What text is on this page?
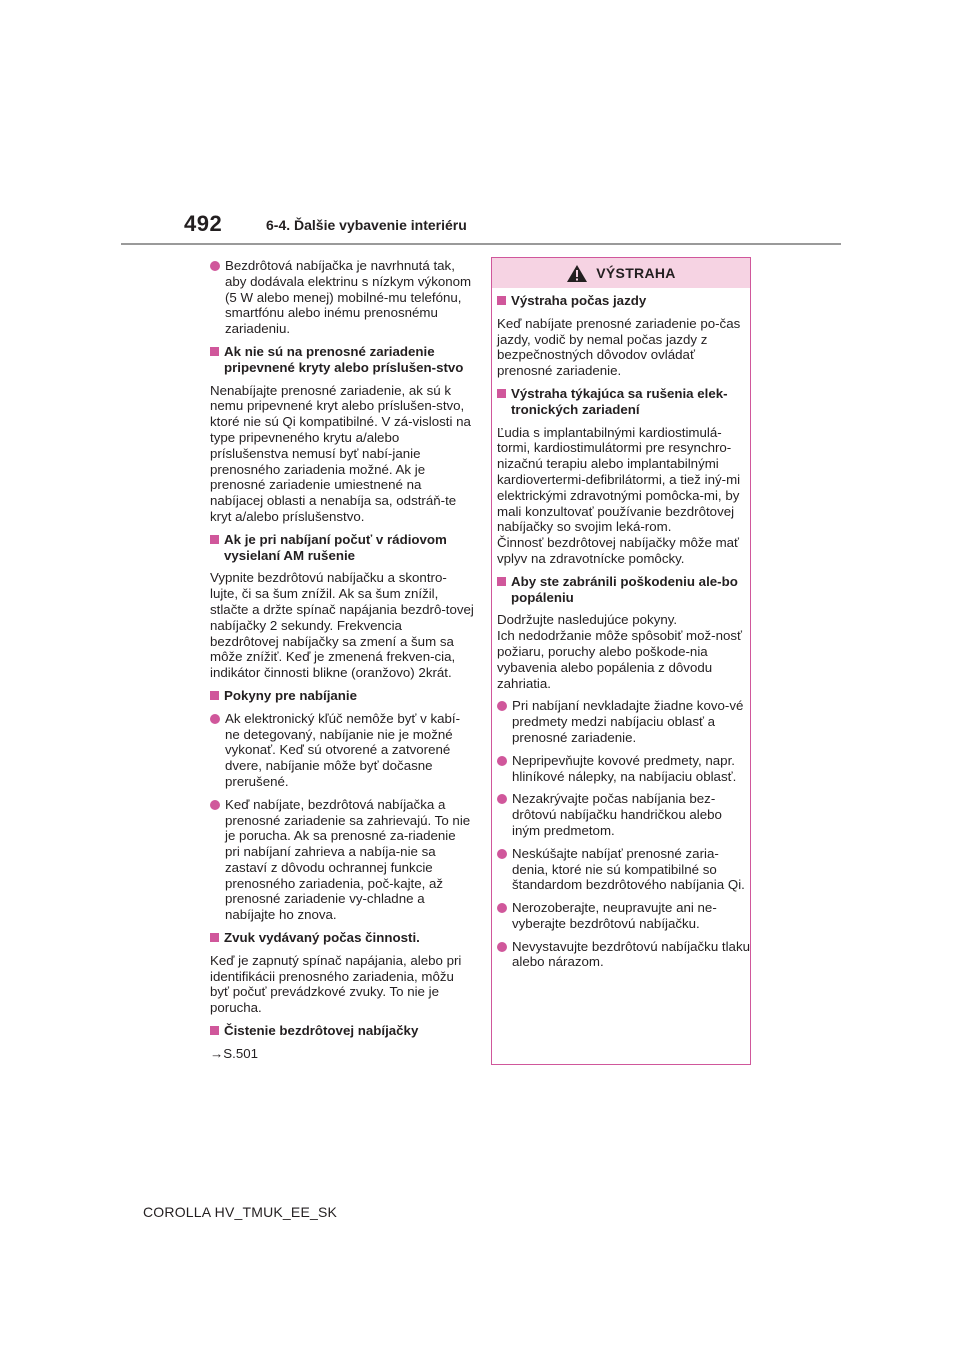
492	6-4. Ďalšie vybavenie interiéru
Bezdrôtová nabíjačka je navrhnutá tak, aby dodávala elektrinu s nízkym výkonom (5 W alebo menej) mobilné-mu telefónu, smartfónu alebo inému prenosnému zariadeniu.
Ak nie sú na prenosné zariadenie pripevnené kryty alebo príslušen-stvo
Nenabíjajte prenosné zariadenie, ak sú k nemu pripevnené kryt alebo príslušen-stvo, ktoré nie sú Qi kompatibilné. V zá-vislosti na type pripevneného krytu a/alebo príslušenstva nemusí byť nabí-janie prenosného zariadenia možné. Ak je prenosné zariadenie umiestnené na nabíjacej oblasti a nenabíja sa, odstráň-te kryt a/alebo príslušenstvo.
Ak je pri nabíjaní počuť v rádiovom vysielaní AM rušenie
Vypnite bezdrôtovú nabíjačku a skontro-lujte, či sa šum znížil. Ak sa šum znížil, stlačte a držte spínač napájania bezdrô-tovej nabíjačky 2 sekundy. Frekvencia bezdrôtovej nabíjačky sa zmení a šum sa môže znížiť. Keď je zmenená frekven-cia, indikátor činnosti blikne (oranžovo) 2krát.
Pokyny pre nabíjanie
Ak elektronický kľúč nemôže byť v kabí-ne detegovaný, nabíjanie nie je možné vykonať. Keď sú otvorené a zatvorené dvere, nabíjanie môže byť dočasne prerušené.
Keď nabíjate, bezdrôtová nabíjačka a prenosné zariadenie sa zahrievajú. To nie je porucha. Ak sa prenosné za-riadenie pri nabíjaní zahrieva a nabíja-nie sa zastaví z dôvodu ochrannej funkcie prenosného zariadenia, poč-kajte, až prenosné zariadenie vy-chladne a nabíjajte ho znova.
Zvuk vydávaný počas činnosti.
Keď je zapnutý spínač napájania, alebo pri identifikácii prenosného zariadenia, môžu byť počuť prevádzkové zvuky. To nie je porucha.
Čistenie bezdrôtovej nabíjačky
→S.501
VÝSTRAHA
Výstraha počas jazdy
Keď nabíjate prenosné zariadenie po-čas jazdy, vodič by nemal počas jazdy z bezpečnostných dôvodov ovládať prenosné zariadenie.
Výstraha týkajúca sa rušenia elek-tronických zariadení
Ľudia s implantabilnými kardiostimulá-tormi, kardiostimulátormi pre resynchro-nizačnú terapiu alebo implantabilnými kardiovertermi-defibrilátormi, a tiež iný-mi elektrickými zdravotnými pomôcka-mi, by mali konzultovať používanie bezdrôtovej nabíjačky so svojim leká-rom.
Činnosť bezdrôtovej nabíjačky môže mať vplyv na zdravotnícke pomôcky.
Aby ste zabránili poškodeniu ale-bo popáleniu
Dodržujte nasledujúce pokyny.
Ich nedodržanie môže spôsobiť mož-nosť požiaru, poruchy alebo poškode-nia vybavenia alebo popálenia z dôvodu zahriatia.
Pri nabíjaní nevkladajte žiadne kovo-vé predmety medzi nabíjaciu oblasť a prenosné zariadenie.
Nepripevňujte kovové predmety, napr. hliníkové nálepky, na nabíjaciu oblasť.
Nezakrývajte počas nabíjania bez-drôtovú nabíjačku handričkou alebo iným predmetom.
Neskúšajte nabíjať prenosné zaria-denia, ktoré nie sú kompatibilné so štandardom bezdrôtového nabíjania Qi.
Nerozoberajte, neupravujte ani ne-vyberajte bezdrôtovú nabíjačku.
Nevystavujte bezdrôtovú nabíjačku tlaku alebo nárazom.
COROLLA HV_TMUK_EE_SK
